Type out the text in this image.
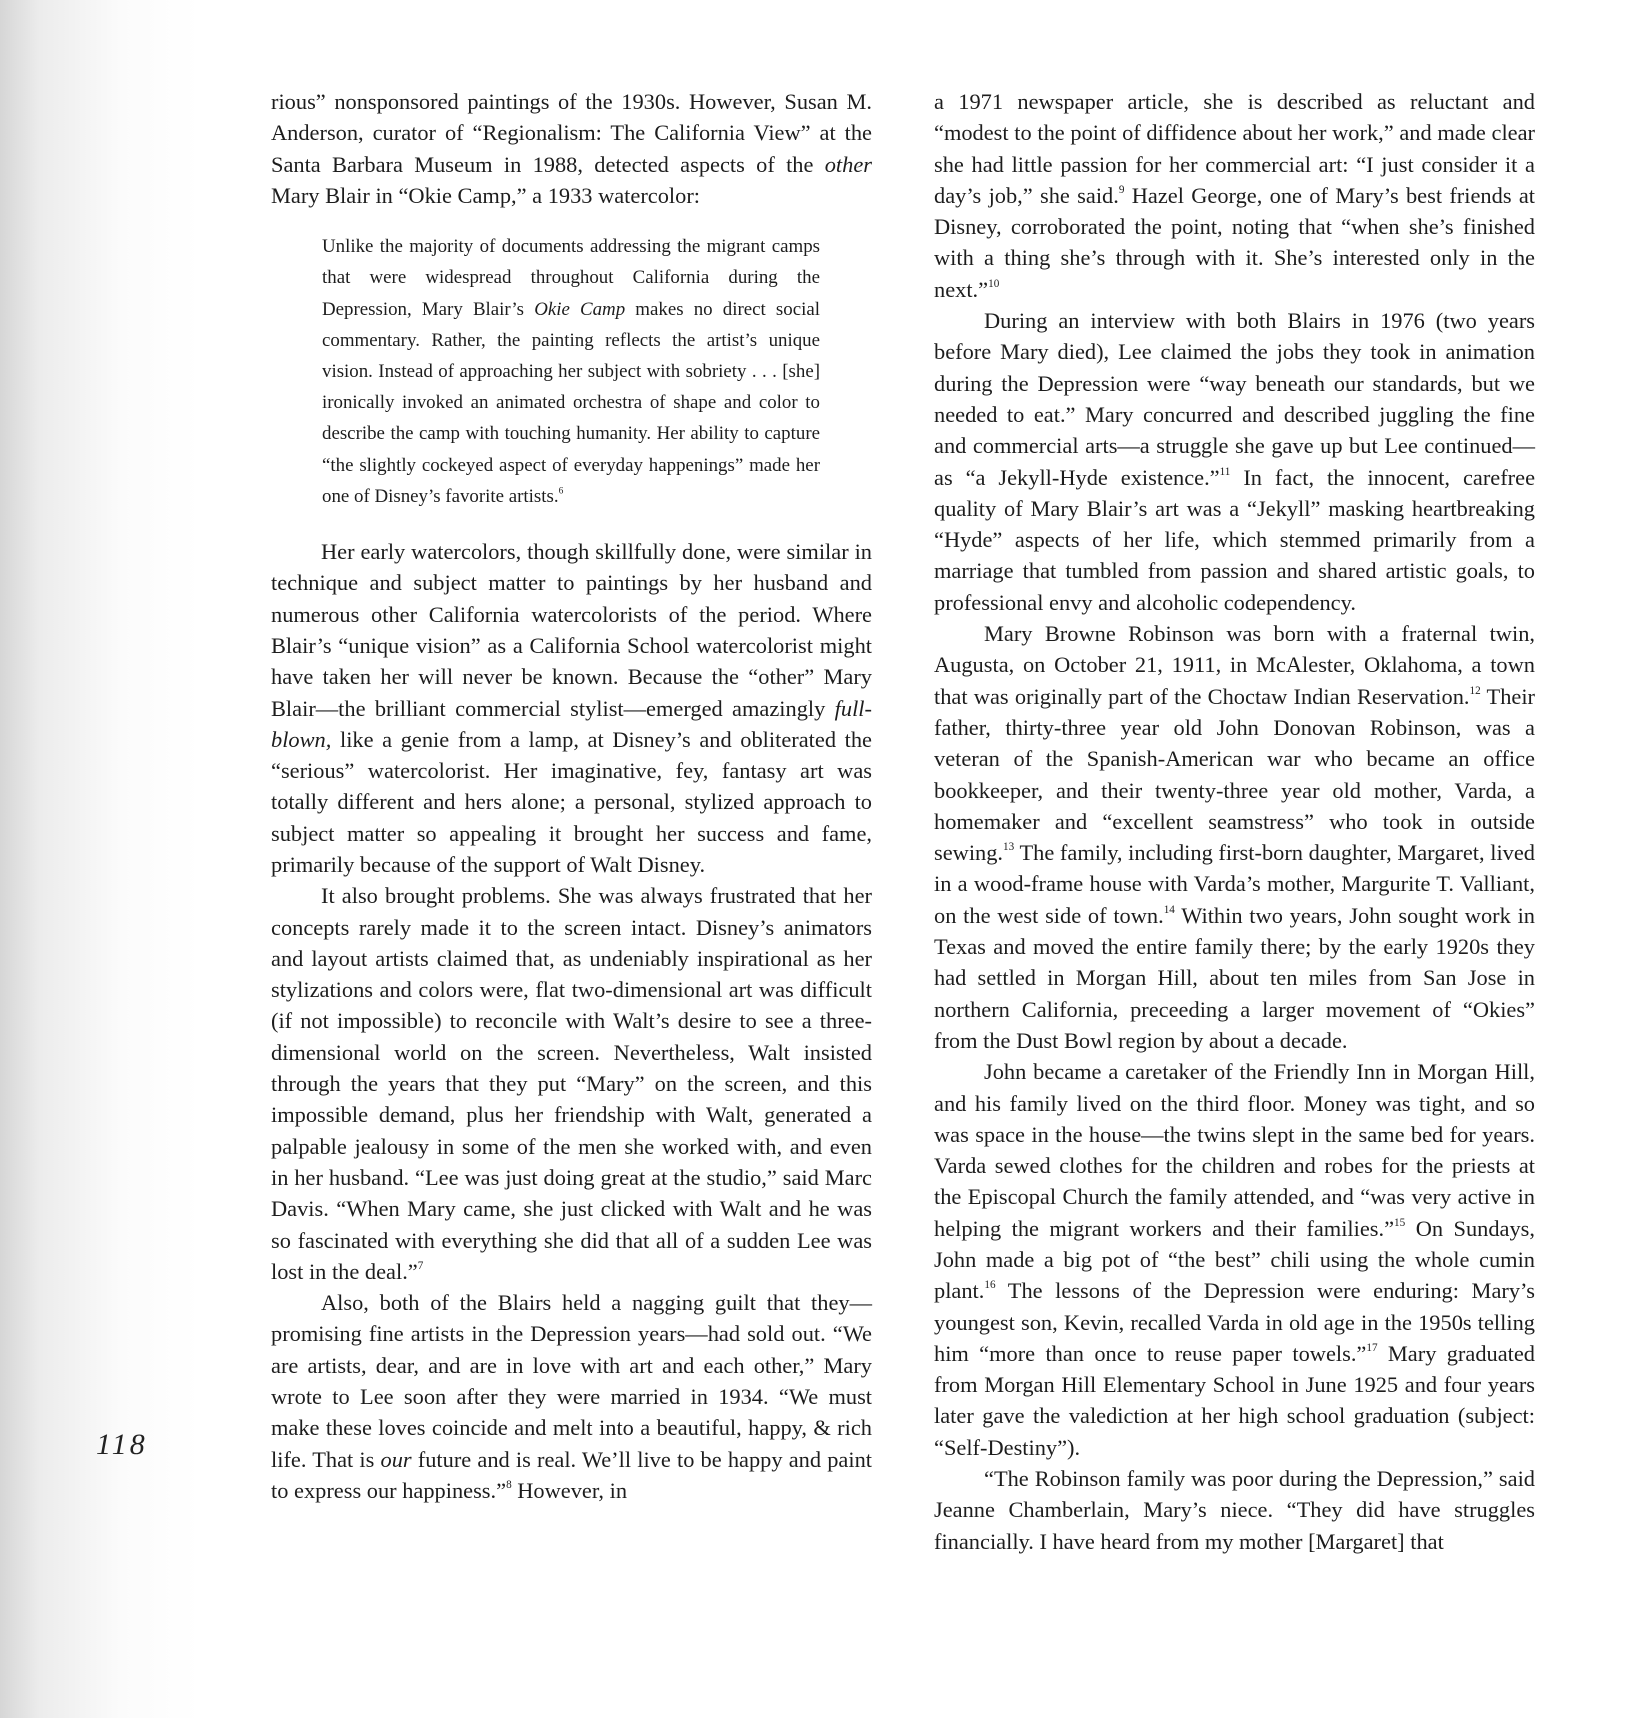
rious” nonsponsored paintings of the 1930s. However, Susan M. Anderson, curator of “Regionalism: The California View” at the Santa Barbara Museum in 1988, detected aspects of the other Mary Blair in “Okie Camp,” a 1933 watercolor:

Unlike the majority of documents addressing the migrant camps that were widespread throughout California during the Depression, Mary Blair’s Okie Camp makes no direct social commentary. Rather, the painting reflects the artist’s unique vision. Instead of approaching her subject with sobriety . . . [she] ironically invoked an animated orchestra of shape and color to describe the camp with touching humanity. Her ability to capture “the slightly cockeyed aspect of everyday happenings” made her one of Disney’s favorite artists.$^6$

Her early watercolors, though skillfully done, were similar in technique and subject matter to paintings by her husband and numerous other California watercolorists of the period. Where Blair’s “unique vision” as a California School watercolorist might have taken her will never be known. Because the “other” Mary Blair—the brilliant commercial stylist—emerged amazingly full-blown, like a genie from a lamp, at Disney’s and obliterated the “serious” watercolorist. Her imaginative, fey, fantasy art was totally different and hers alone; a personal, stylized approach to subject matter so appealing it brought her success and fame, primarily because of the support of Walt Disney.

It also brought problems. She was always frustrated that her concepts rarely made it to the screen intact. Disney’s animators and layout artists claimed that, as undeniably inspirational as her stylizations and colors were, flat two-dimensional art was difficult (if not impossible) to reconcile with Walt’s desire to see a three-dimensional world on the screen. Nevertheless, Walt insisted through the years that they put “Mary” on the screen, and this impossible demand, plus her friendship with Walt, generated a palpable jealousy in some of the men she worked with, and even in her husband. “Lee was just doing great at the studio,” said Marc Davis. “When Mary came, she just clicked with Walt and he was so fascinated with everything she did that all of a sudden Lee was lost in the deal.”$^7$

Also, both of the Blairs held a nagging guilt that they—promising fine artists in the Depression years—had sold out. “We are artists, dear, and are in love with art and each other,” Mary wrote to Lee soon after they were married in 1934. “We must make these loves coincide and melt into a beautiful, happy, & rich life. That is our future and is real. We’ll live to be happy and paint to express our happiness.”$^8$ However, in

a 1971 newspaper article, she is described as reluctant and “modest to the point of diffidence about her work,” and made clear she had little passion for her commercial art: “I just consider it a day’s job,” she said.$^9$ Hazel George, one of Mary’s best friends at Disney, corroborated the point, noting that “when she’s finished with a thing she’s through with it. She’s interested only in the next.”$^{10}$

During an interview with both Blairs in 1976 (two years before Mary died), Lee claimed the jobs they took in animation during the Depression were “way beneath our standards, but we needed to eat.” Mary concurred and described juggling the fine and commercial arts—a struggle she gave up but Lee continued—as “a Jekyll-Hyde existence.”$^{11}$ In fact, the innocent, carefree quality of Mary Blair’s art was a “Jekyll” masking heartbreaking “Hyde” aspects of her life, which stemmed primarily from a marriage that tumbled from passion and shared artistic goals, to professional envy and alcoholic codependency.

Mary Browne Robinson was born with a fraternal twin, Augusta, on October 21, 1911, in McAlester, Oklahoma, a town that was originally part of the Choctaw Indian Reservation.$^{12}$ Their father, thirty-three year old John Donovan Robinson, was a veteran of the Spanish-American war who became an office bookkeeper, and their twenty-three year old mother, Varda, a homemaker and “excellent seamstress” who took in outside sewing.$^{13}$ The family, including first-born daughter, Margaret, lived in a wood-frame house with Varda’s mother, Margurite T. Valliant, on the west side of town.$^{14}$ Within two years, John sought work in Texas and moved the entire family there; by the early 1920s they had settled in Morgan Hill, about ten miles from San Jose in northern California, preceeding a larger movement of “Okies” from the Dust Bowl region by about a decade.

John became a caretaker of the Friendly Inn in Morgan Hill, and his family lived on the third floor. Money was tight, and so was space in the house—the twins slept in the same bed for years. Varda sewed clothes for the children and robes for the priests at the Episcopal Church the family attended, and “was very active in helping the migrant workers and their families.”$^{15}$ On Sundays, John made a big pot of “the best” chili using the whole cumin plant.$^{16}$ The lessons of the Depression were enduring: Mary’s youngest son, Kevin, recalled Varda in old age in the 1950s telling him “more than once to reuse paper towels.”$^{17}$ Mary graduated from Morgan Hill Elementary School in June 1925 and four years later gave the valediction at her high school graduation (subject: “Self-Destiny”).

“The Robinson family was poor during the Depression,” said Jeanne Chamberlain, Mary’s niece. “They did have struggles financially. I have heard from my mother [Margaret] that

118
